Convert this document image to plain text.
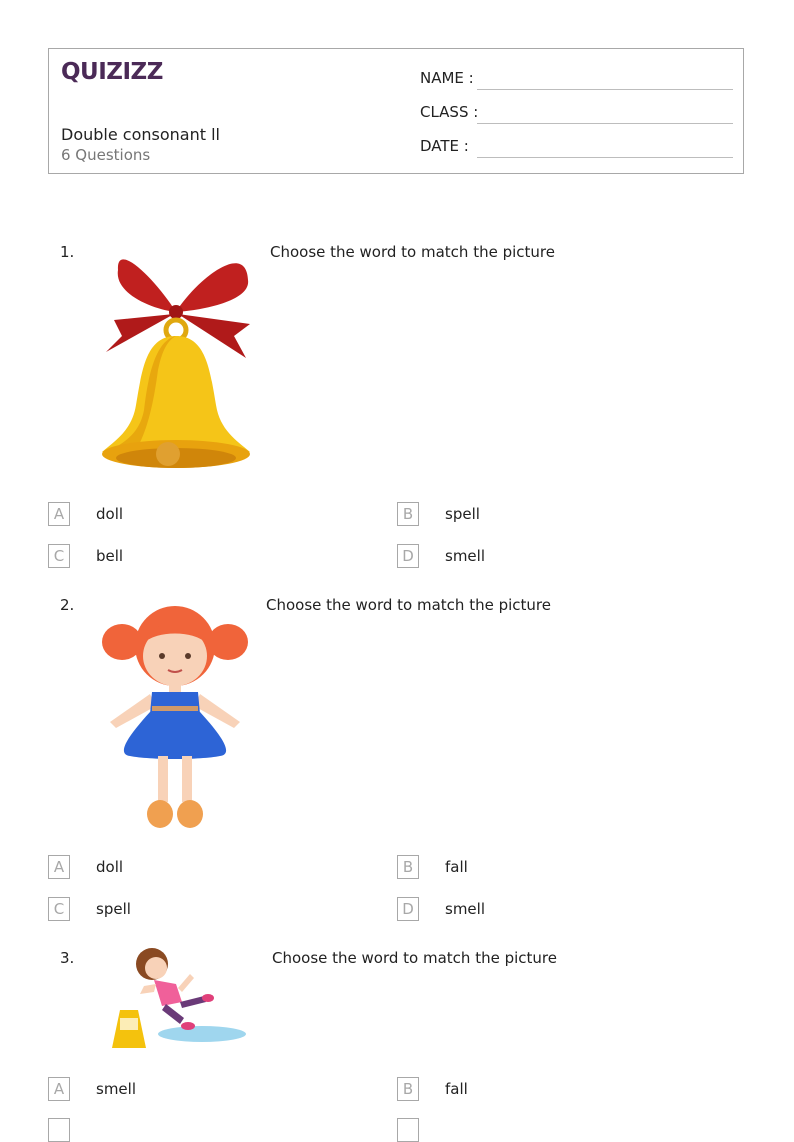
QUIZIZZ
Double consonant ll
6 Questions
NAME :
CLASS :
DATE :
1.	Choose the word to match the picture
A	doll	B	spell
C	bell	D	smell
2.	Choose the word to match the picture
A	doll	B	fall
C	spell	D	smell
3.	Choose the word to match the picture
A	smell	B	fall
